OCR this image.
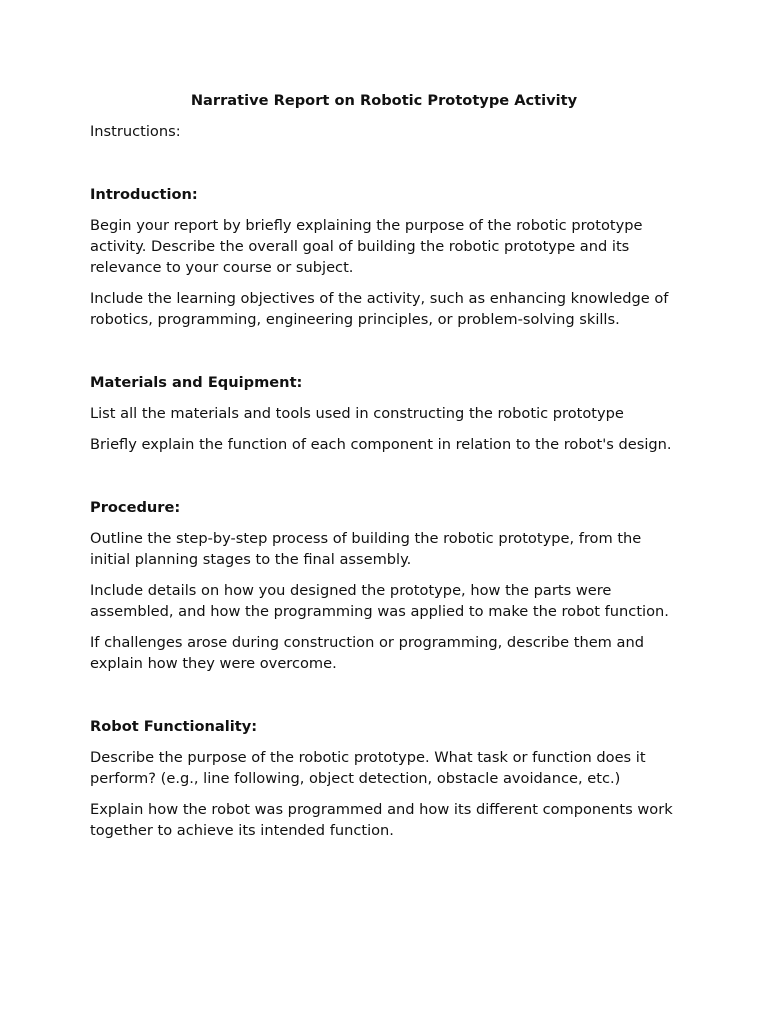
Narrative Report on Robotic Prototype Activity
Instructions:
Introduction:
Begin your report by briefly explaining the purpose of the robotic prototype activity. Describe the overall goal of building the robotic prototype and its relevance to your course or subject.
Include the learning objectives of the activity, such as enhancing knowledge of robotics, programming, engineering principles, or problem-solving skills.
Materials and Equipment:
List all the materials and tools used in constructing the robotic prototype
Briefly explain the function of each component in relation to the robot's design.
Procedure:
Outline the step-by-step process of building the robotic prototype, from the initial planning stages to the final assembly.
Include details on how you designed the prototype, how the parts were assembled, and how the programming was applied to make the robot function.
If challenges arose during construction or programming, describe them and explain how they were overcome.
Robot Functionality:
Describe the purpose of the robotic prototype. What task or function does it perform? (e.g., line following, object detection, obstacle avoidance, etc.)
Explain how the robot was programmed and how its different components work together to achieve its intended function.
